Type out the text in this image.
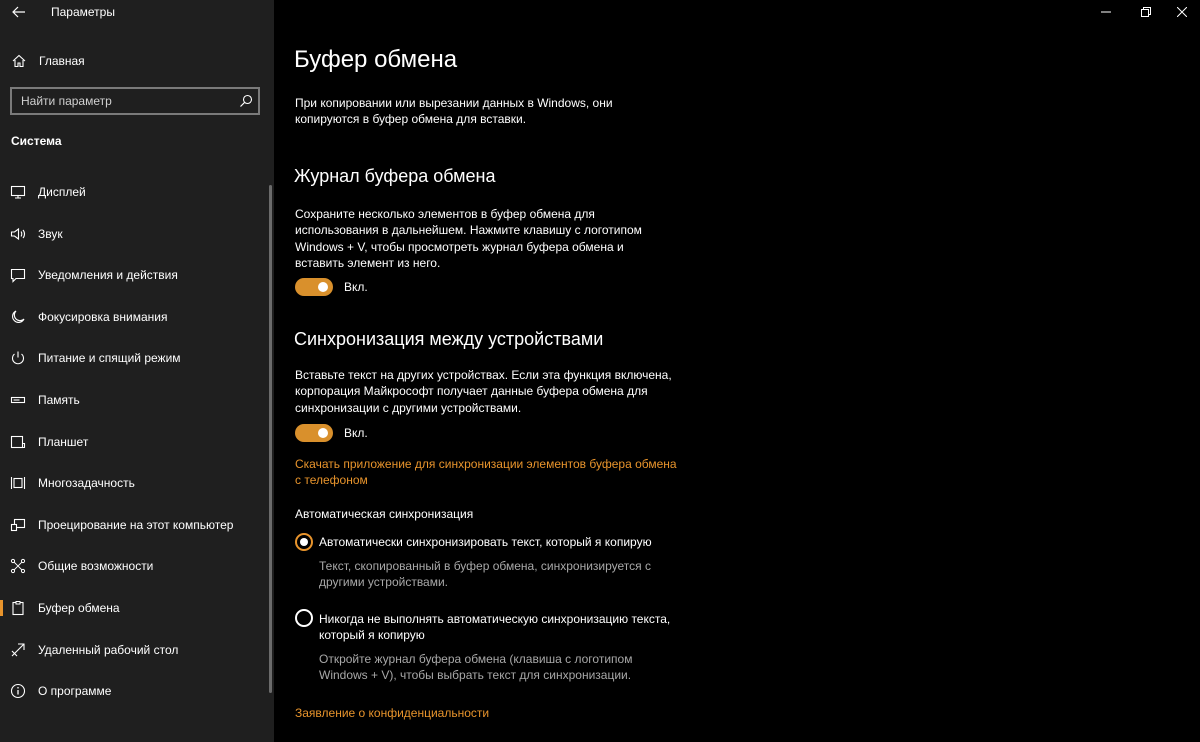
Параметры
Главная
Найти параметр
Система
Дисплей
Звук
Уведомления и действия
Фокусировка внимания
Питание и спящий режим
Память
Планшет
Многозадачность
Проецирование на этот компьютер
Общие возможности
Буфер обмена
Удаленный рабочий стол
О программе
Буфер обмена
При копировании или вырезании данных в Windows, они
копируются в буфер обмена для вставки.
Журнал буфера обмена
Сохраните несколько элементов в буфер обмена для
использования в дальнейшем. Нажмите клавишу с логотипом
Windows + V, чтобы просмотреть журнал буфера обмена и
вставить элемент из него.
Вкл.
Синхронизация между устройствами
Вставьте текст на других устройствах. Если эта функция включена,
корпорация Майкрософт получает данные буфера обмена для
синхронизации с другими устройствами.
Вкл.
Скачать приложение для синхронизации элементов буфера обмена
с телефоном
Автоматическая синхронизация
Автоматически синхронизировать текст, который я копирую
Текст, скопированный в буфер обмена, синхронизируется с
другими устройствами.
Никогда не выполнять автоматическую синхронизацию текста,
который я копирую
Откройте журнал буфера обмена (клавиша с логотипом
Windows + V), чтобы выбрать текст для синхронизации.
Заявление о конфиденциальности
